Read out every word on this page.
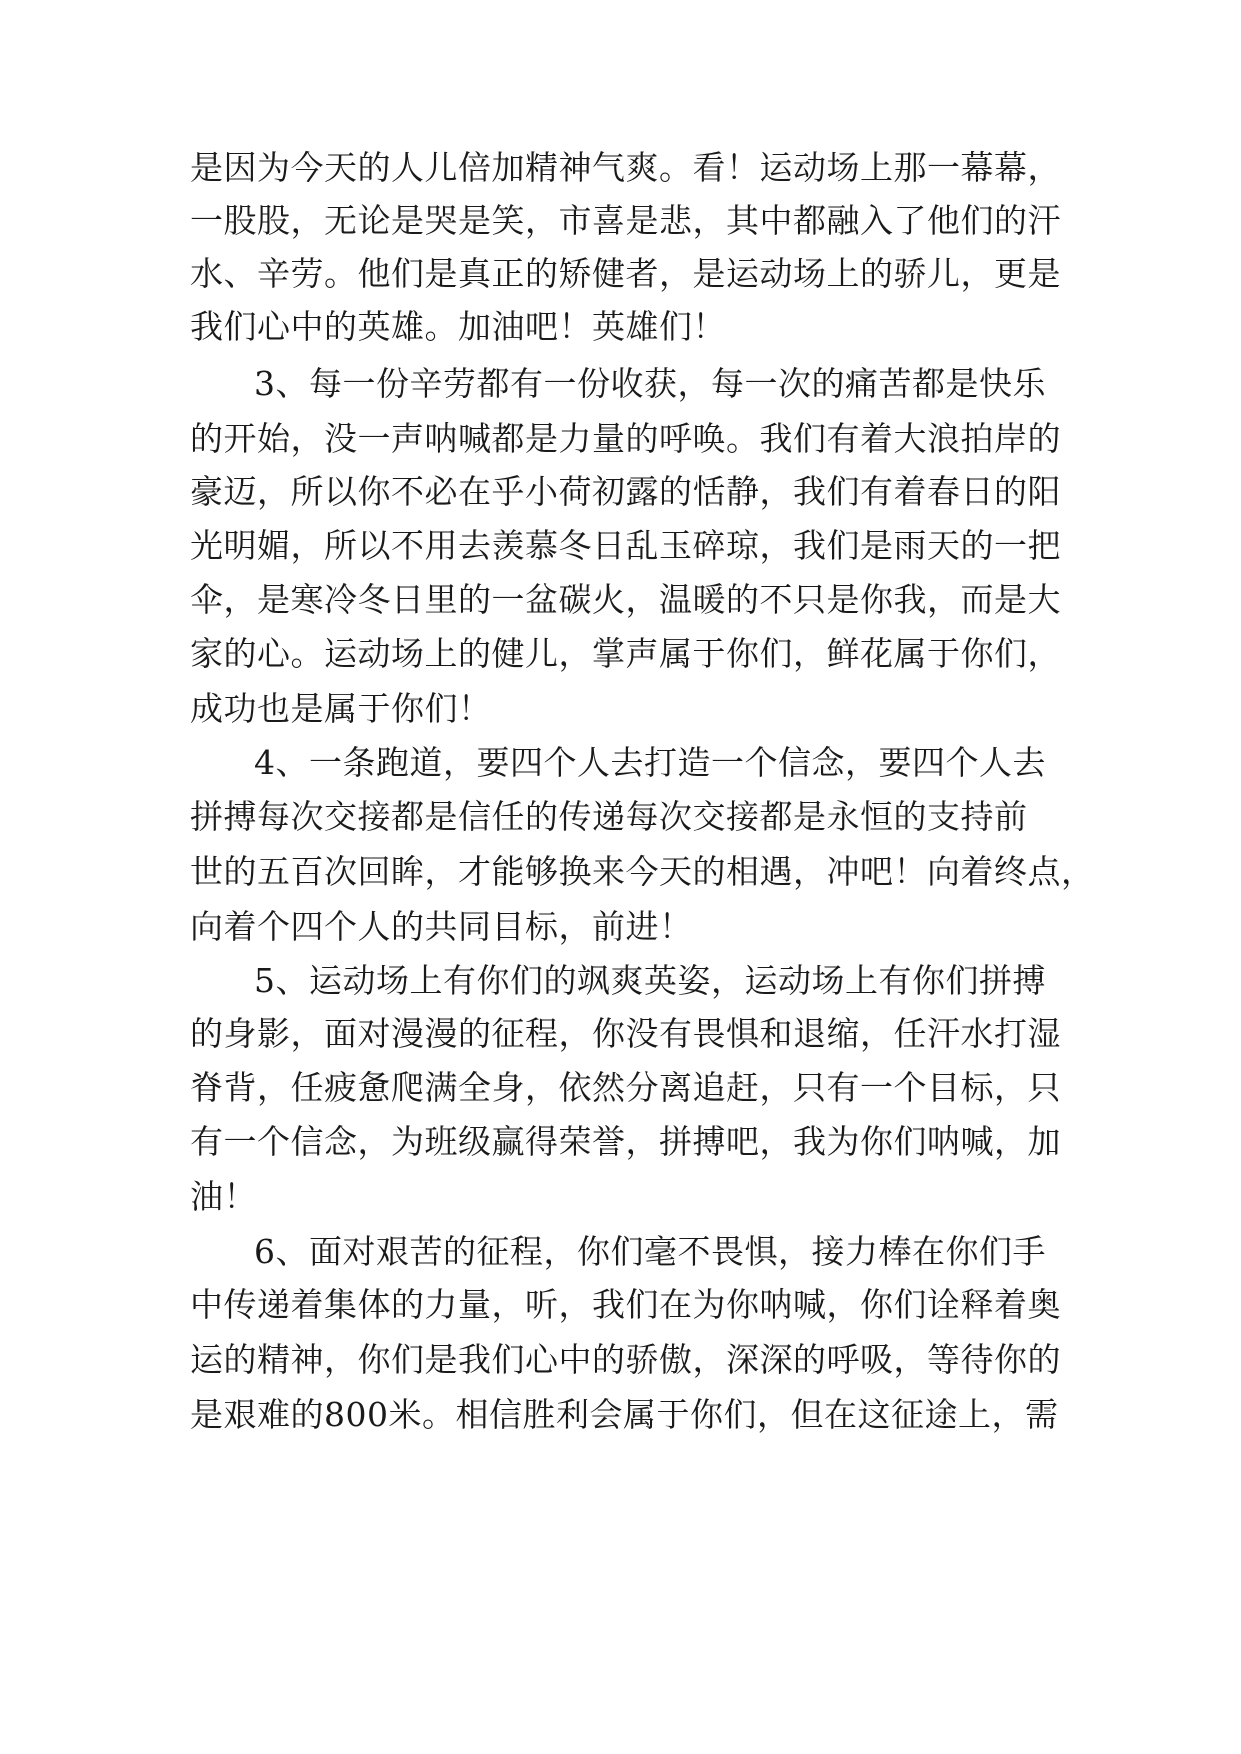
是因为今天的人儿倍加精神气爽。看！运动场上那一幕幕，
一股股，无论是哭是笑，市喜是悲，其中都融入了他们的汗
水、辛劳。他们是真正的矫健者，是运动场上的骄儿，更是
我们心中的英雄。加油吧！英雄们！
3、每一份辛劳都有一份收获，每一次的痛苦都是快乐
的开始，没一声呐喊都是力量的呼唤。我们有着大浪拍岸的
豪迈，所以你不必在乎小荷初露的恬静，我们有着春日的阳
光明媚，所以不用去羡慕冬日乱玉碎琼，我们是雨天的一把
伞，是寒冷冬日里的一盆碳火，温暖的不只是你我，而是大
家的心。运动场上的健儿，掌声属于你们，鲜花属于你们，
成功也是属于你们！
4、一条跑道，要四个人去打造一个信念，要四个人去
拼搏每次交接都是信任的传递每次交接都是永恒的支持前
世的五百次回眸，才能够换来今天的相遇，冲吧！向着终点，
向着个四个人的共同目标，前进！
5、运动场上有你们的飒爽英姿，运动场上有你们拼搏
的身影，面对漫漫的征程，你没有畏惧和退缩，任汗水打湿
脊背，任疲惫爬满全身，依然分离追赶，只有一个目标，只
有一个信念，为班级赢得荣誉，拼搏吧，我为你们呐喊，加
油！
6、面对艰苦的征程，你们毫不畏惧，接力棒在你们手
中传递着集体的力量，听，我们在为你呐喊，你们诠释着奥
运的精神，你们是我们心中的骄傲，深深的呼吸，等待你的
是艰难的800米。相信胜利会属于你们，但在这征途上，需
